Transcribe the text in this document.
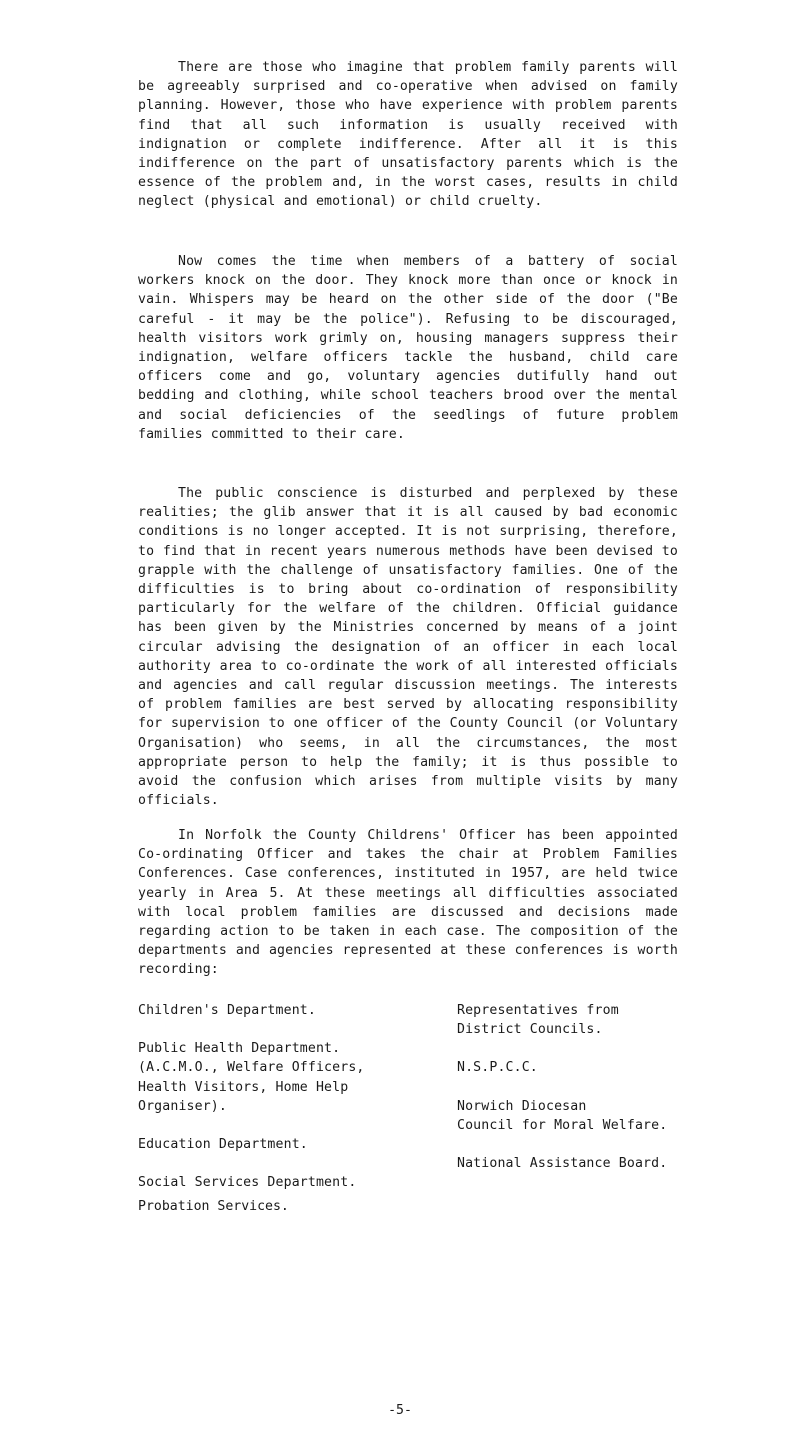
There are those who imagine that problem family parents will be agreeably surprised and co-operative when advised on family planning. However, those who have experience with problem parents find that all such information is usually received with indignation or complete indifference. After all it is this indifference on the part of unsatisfactory parents which is the essence of the problem and, in the worst cases, results in child neglect (physical and emotional) or child cruelty.

Now comes the time when members of a battery of social workers knock on the door. They knock more than once or knock in vain. Whispers may be heard on the other side of the door ("Be careful - it may be the police"). Refusing to be discouraged, health visitors work grimly on, housing managers suppress their indignation, welfare officers tackle the husband, child care officers come and go, voluntary agencies dutifully hand out bedding and clothing, while school teachers brood over the mental and social deficiencies of the seedlings of future problem families committed to their care.

The public conscience is disturbed and perplexed by these realities; the glib answer that it is all caused by bad economic conditions is no longer accepted. It is not surprising, therefore, to find that in recent years numerous methods have been devised to grapple with the challenge of unsatisfactory families. One of the difficulties is to bring about co-ordination of responsibility particularly for the welfare of the children. Official guidance has been given by the Ministries concerned by means of a joint circular advising the designation of an officer in each local authority area to co-ordinate the work of all interested officials and agencies and call regular discussion meetings. The interests of problem families are best served by allocating responsibility for supervision to one officer of the County Council (or Voluntary Organisation) who seems, in all the circumstances, the most appropriate person to help the family; it is thus possible to avoid the confusion which arises from multiple visits by many officials.

In Norfolk the County Childrens' Officer has been appointed Co-ordinating Officer and takes the chair at Problem Families Conferences. Case conferences, instituted in 1957, are held twice yearly in Area 5. At these meetings all difficulties associated with local problem families are discussed and decisions made regarding action to be taken in each case. The composition of the departments and agencies represented at these conferences is worth recording:

Children's Department.
Public Health Department.
(A.C.M.O., Welfare Officers,
Health Visitors, Home Help
Organiser).
Education Department.
Social Services Department.
Representatives from
District Councils.
N.S.P.C.C.
Norwich Diocesan
Council for Moral Welfare.
National Assistance Board.

Probation Services.

-5-
